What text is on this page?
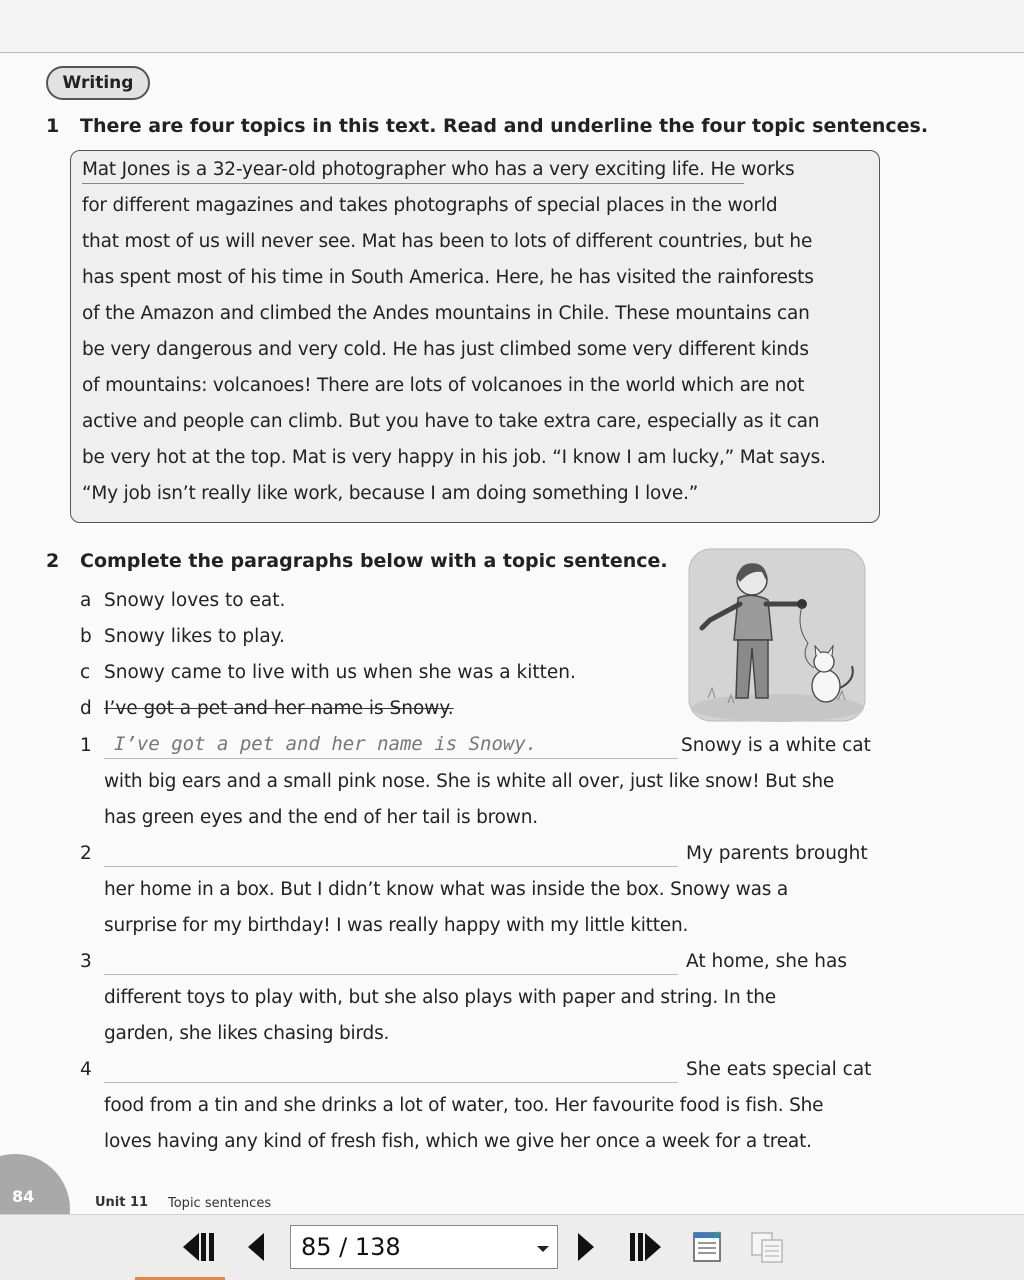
Writing
1 There are four topics in this text. Read and underline the four topic sentences.
Mat Jones is a 32-year-old photographer who has a very exciting life. He works
for different magazines and takes photographs of special places in the world
that most of us will never see. Mat has been to lots of different countries, but he
has spent most of his time in South America. Here, he has visited the rainforests
of the Amazon and climbed the Andes mountains in Chile. These mountains can
be very dangerous and very cold. He has just climbed some very different kinds
of mountains: volcanoes! There are lots of volcanoes in the world which are not
active and people can climb. But you have to take extra care, especially as it can
be very hot at the top. Mat is very happy in his job. “I know I am lucky,” Mat says.
“My job isn’t really like work, because I am doing something I love.”
2 Complete the paragraphs below with a topic sentence.
a Snowy loves to eat.
b Snowy likes to play.
c Snowy came to live with us when she was a kitten.
d I’ve got a pet and her name is Snowy.
1 I’ve got a pet and her name is Snowy.	Snowy is a white cat
with big ears and a small pink nose. She is white all over, just like snow! But she
has green eyes and the end of her tail is brown.
2	My parents brought
her home in a box. But I didn’t know what was inside the box. Snowy was a
surprise for my birthday! I was really happy with my little kitten.
3	At home, she has
different toys to play with, but she also plays with paper and string. In the
garden, she likes chasing birds.
4	She eats special cat
food from a tin and she drinks a lot of water, too. Her favourite food is fish. She
loves having any kind of fresh fish, which we give her once a week for a treat.
84	Unit 11 Topic sentences
85 / 138
